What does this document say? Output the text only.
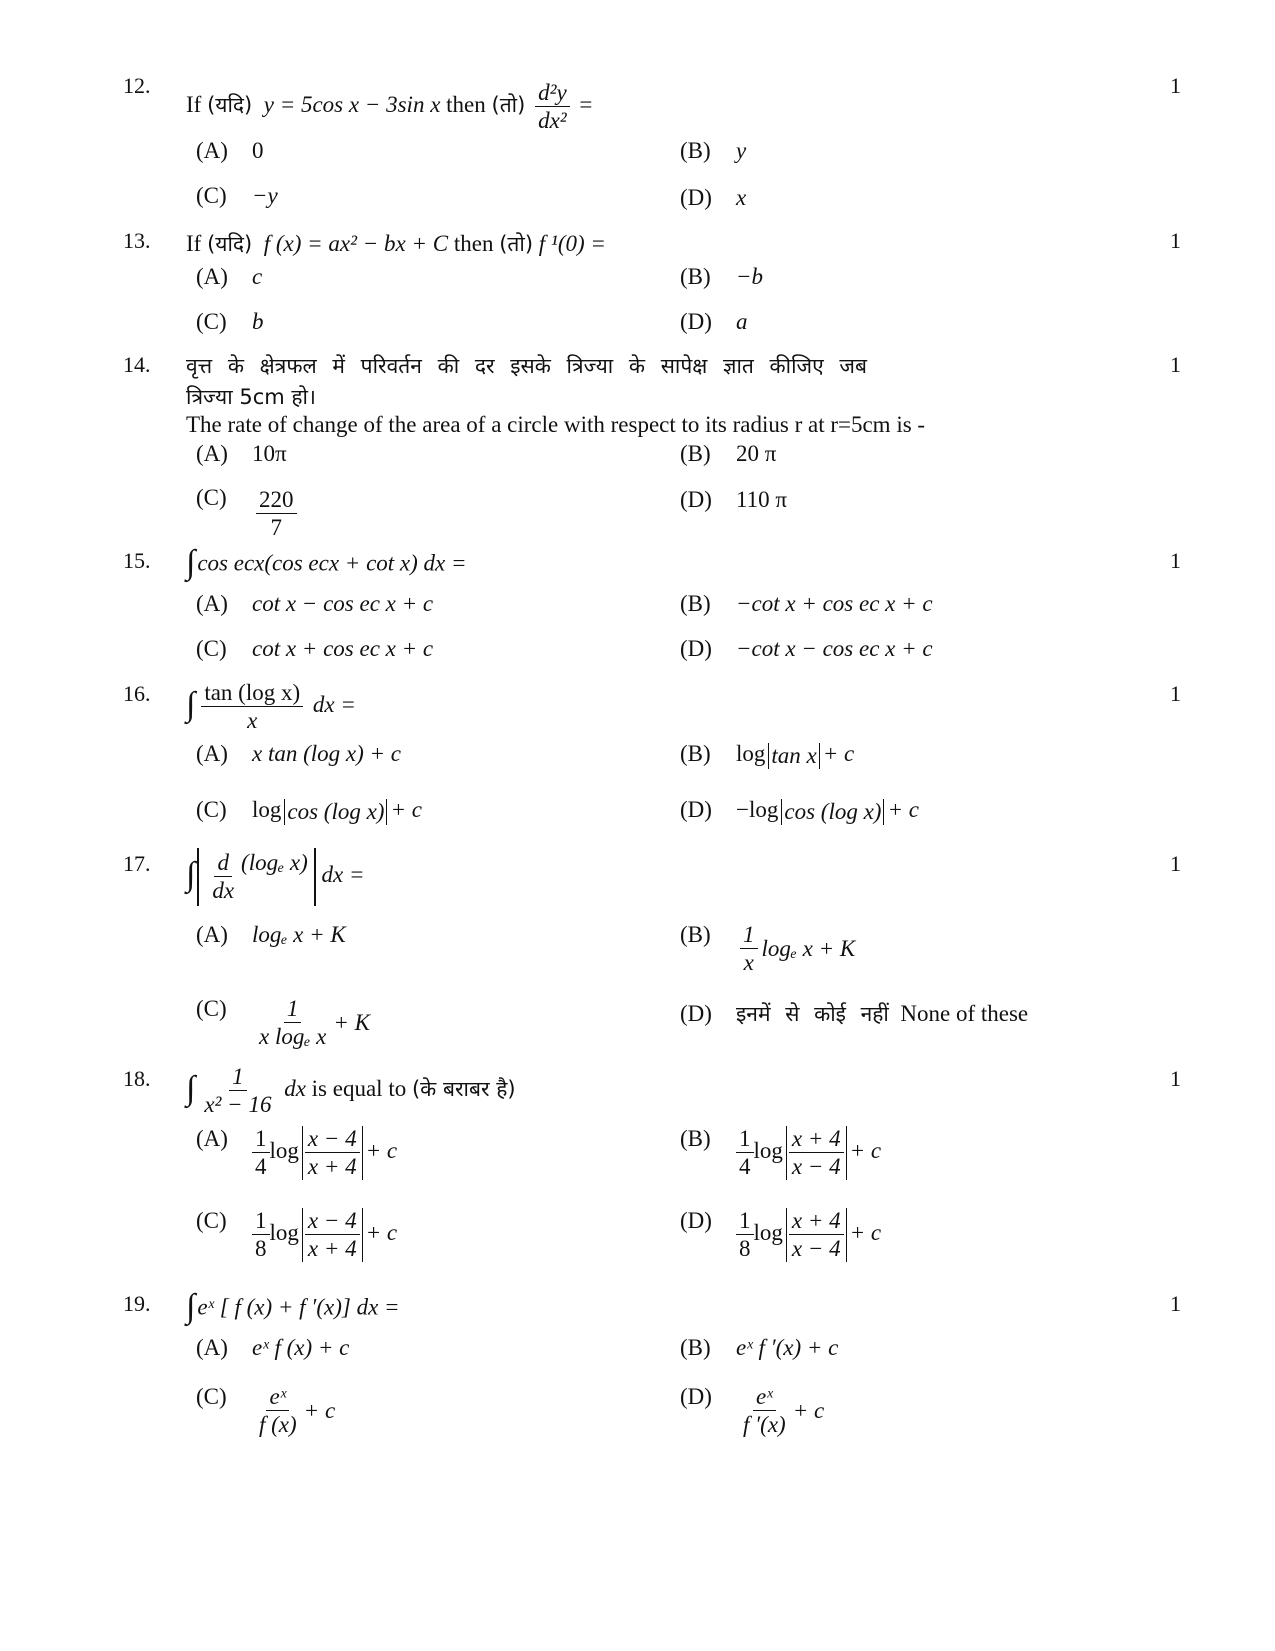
12.	1
If (यदि) y = 5cos x − 3sin x then (तो) $\frac{\text{d²y}}{\text{dx²}}$ =
(A) 0	(B) y
(C) −y	(D) x
13.	1
If (यदि) f (x) = ax² − bx + C then (तो) f ¹(0) =
(A) c	(B) −b
(C) b	(D) a
14.	1
वृत्त के क्षेत्रफल में परिवर्तन की दर इसके त्रिज्या के सापेक्ष ज्ञात कीजिए जब
त्रिज्या 5cm हो।
The rate of change of the area of a circle with respect to its radius r at r=5cm is -
(A) 10π	(B) 20 π
$(C) \frac{220}{7}$	(D) 110 π
15.	1
∫cos ecx(cos ecx + cot x) dx =
(A) cot x − cos ec x + c	(B) −cot x + cos ec x + c
(C) cot x + cos ec x + c	(D) −cot x − cos ec x + c
16.	1
∫ $\frac{\text{tan (log x)}}{x}$ dx =
(A) x tan (log x) + c	(B) log tan x + c
(C) log cos (log x) + c	(D) −log cos (log x) + c
17.	1
∫ $\frac{d}{dx} (\log_e$ x) dx =
(A) logₑ x + K	$(B) \frac{1}{x}$ logₑ x + K
$(C) \frac{1}{\text{x logₑ x}} + K$	(D) इनमें से कोई नहीं None of these
18.	1
∫ $\frac{1}{\text{x² − 16}}$ dx is equal to (के बराबर है)
$(A) \frac{1}{4}$ $\log \frac{x - 4}{x + 4} + c$	$(B) \frac{1}{4}$ $\log \frac{x + 4}{x - 4} + c$
$(C) \frac{1}{8}$ $\log \frac{x - 4}{x + 4} + c$	$(D) \frac{1}{8}$ $\log \frac{x + 4}{x - 4} + c$
19.	1
∫eˣ [ f (x) + f ′(x)] dx =
(A) eˣ f (x) + c	(B) eˣ f ′(x) + c
$(C) \frac{\text{eˣ}}{f (x)} + c$
$(D) \frac{\text{eˣ}}{f '(x)} + c$
